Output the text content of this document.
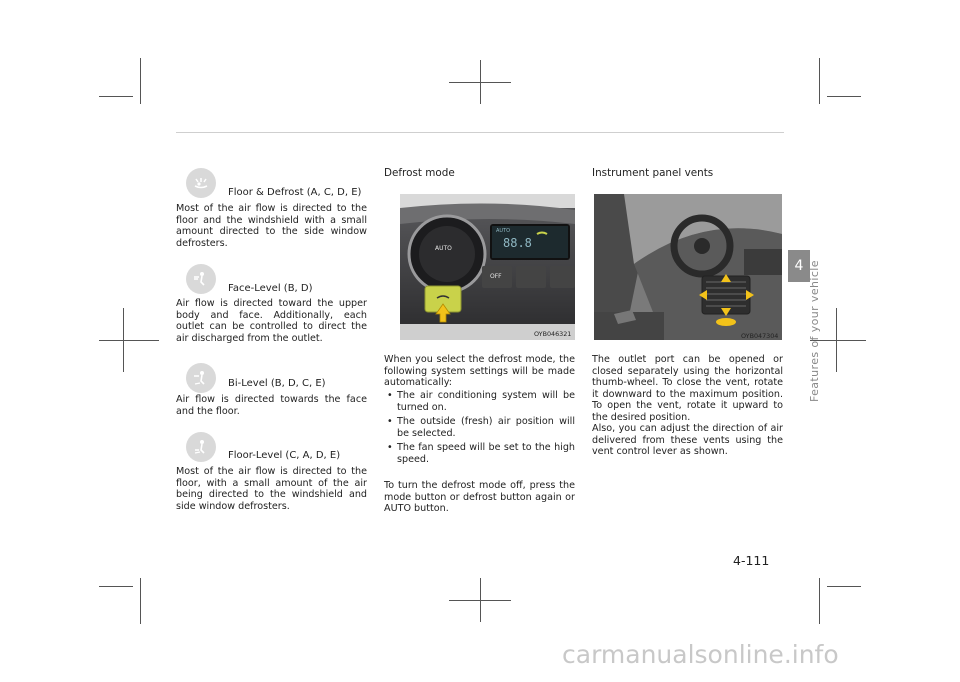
Floor & Defrost (A, C, D, E)
Most of the air flow is directed to the floor and the windshield with a small amount directed to the side window defrosters.
Face-Level (B, D)
Air flow is directed toward the upper body and face. Additionally, each outlet can be controlled to direct the air discharged from the outlet.
Bi-Level (B, D, C, E)
Air flow is directed towards the face and the floor.
Floor-Level (C, A, D, E)
Most of the air flow is directed to the floor, with a small amount of the air being directed to the windshield and side window defrosters.
Defrost mode
AUTO
AUTO
88.8
OFF
OYB046321
When you select the defrost mode, the following system settings will be made automatically:
• The air conditioning system will be turned on.
• The outside (fresh) air position will be selected.
• The fan speed will be set to the high speed.
To turn the defrost mode off, press the mode button or defrost button again or AUTO button.
Instrument panel vents
OYB047304
The outlet port can be opened or closed separately using the horizontal thumb-wheel. To close the vent, rotate it downward to the maximum position. To open the vent, rotate it upward to the desired position.
Also, you can adjust the direction of air delivered from these vents using the vent control lever as shown.
4 Features of your vehicle
4-111
carmanualsonline.info
